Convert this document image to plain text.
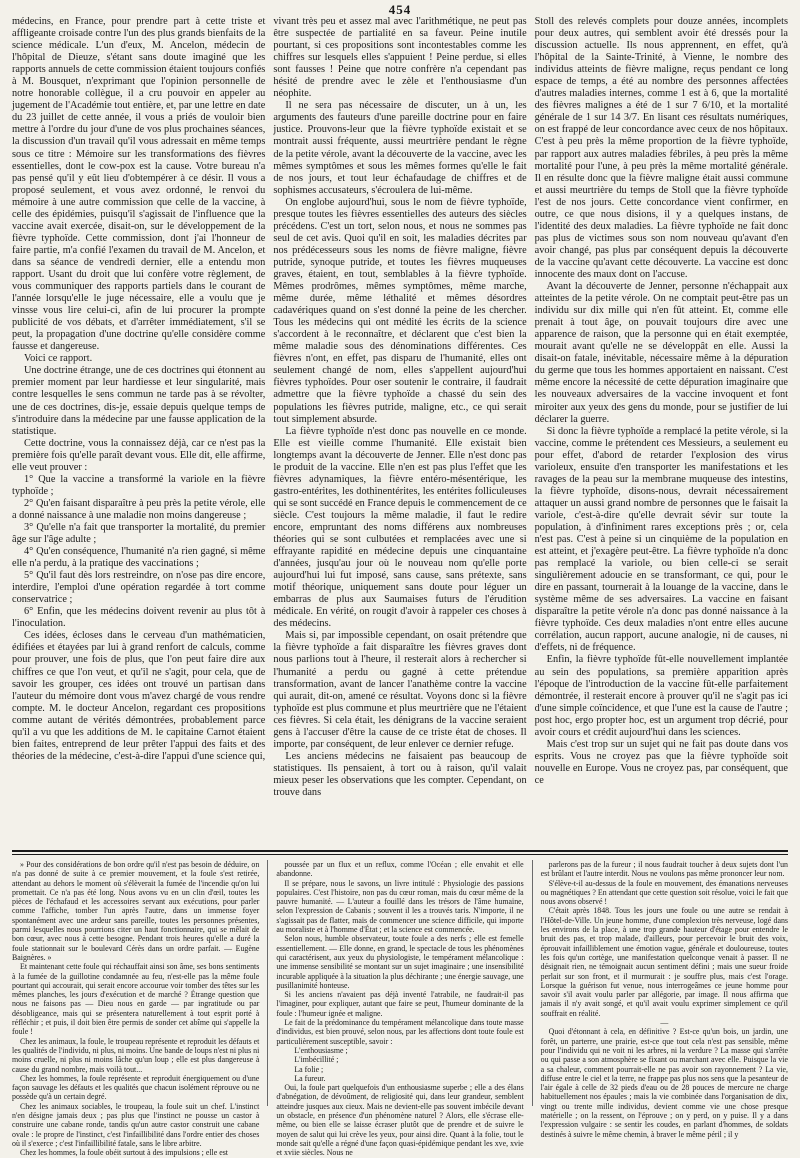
454

médecins, en France, pour prendre part à cette triste et affligeante croisade contre l'un des plus grands bienfaits de la science médicale. L'un d'eux, M. Ancelon, médecin de l'hôpital de Dieuze, s'étant sans doute imaginé que les rapports annuels de cette commission étaient toujours confiés à M. Bousquet, n'exprimant que l'opinion personnelle de notre honorable collègue, il a cru pouvoir en appeler au jugement de l'Académie tout entière, et, par une lettre en date du 23 juillet de cette année, il vous a priés de vouloir bien mettre à l'ordre du jour d'une de vos plus prochaines séances, la discussion d'un travail qu'il vous adressait en même temps sous ce titre : Mémoire sur les transformations des fièvres essentielles, dont le cow-pox est la cause. Votre bureau n'a pas pensé qu'il y eût lieu d'obtempérer à ce désir. Il vous a proposé seulement, et vous avez ordonné, le renvoi du mémoire à une autre commission que celle de la vaccine, à celle des épidémies, puisqu'il s'agissait de l'influence que la vaccine avait exercée, disait-on, sur le développement de la fièvre typhoïde. Cette commission, dont j'ai l'honneur de faire partie, m'a confié l'examen du travail de M. Ancelon, et dans sa séance de vendredi dernier, elle a entendu mon rapport. Usant du droit que lui confère votre règlement, de vous communiquer des rapports partiels dans le courant de l'année lorsqu'elle le juge nécessaire, elle a voulu que je vinsse vous lire celui-ci, afin de lui procurer la prompte publicité de vos débats, et d'arrêter immédiatement, s'il se peut, la propagation d'une doctrine qu'elle considère comme fausse et dangereuse.

Voici ce rapport.

Une doctrine étrange, une de ces doctrines qui étonnent au premier moment par leur hardiesse et leur singularité, mais contre lesquelles le sens commun ne tarde pas à se révolter, une de ces doctrines, dis-je, essaie depuis quelque temps de s'introduire dans la médecine par une fausse application de la statistique.

Cette doctrine, vous la connaissez déjà, car ce n'est pas la première fois qu'elle paraît devant vous. Elle dit, elle affirme, elle veut prouver :

1° Que la vaccine a transformé la variole en la fièvre typhoïde ;

2° Qu'en faisant disparaître à peu près la petite vérole, elle a donné naissance à une maladie non moins dangereuse ;

3° Qu'elle n'a fait que transporter la mortalité, du premier âge sur l'âge adulte ;

4° Qu'en conséquence, l'humanité n'a rien gagné, si même elle n'a perdu, à la pratique des vaccinations ;

5° Qu'il faut dès lors restreindre, on n'ose pas dire encore, interdire, l'emploi d'une opération regardée à tort comme conservatrice ;

6° Enfin, que les médecins doivent revenir au plus tôt à l'inoculation.

Ces idées, écloses dans le cerveau d'un mathématicien, édifiées et étayées par lui à grand renfort de calculs, comme pour prouver, une fois de plus, que l'on peut faire dire aux chiffres ce que l'on veut, et qu'il ne s'agit, pour cela, que de savoir les grouper, ces idées ont trouvé un partisan dans l'auteur du mémoire dont vous m'avez chargé de vous rendre compte. M. le docteur Ancelon, regardant ces propositions comme autant de vérités démontrées, probablement parce qu'il a vu que les additions de M. le capitaine Carnot étaient bien faites, entreprend de leur prêter l'appui des faits et des théories de la médecine, c'est-à-dire l'appui d'une science qui,

vivant très peu et assez mal avec l'arithmétique, ne peut pas être suspectée de partialité en sa faveur. Peine inutile pourtant, si ces propositions sont incontestables comme les chiffres sur lesquels elles s'appuient ! Peine perdue, si elles sont fausses ! Peine que notre confrère n'a cependant pas hésité de prendre avec le zèle et l'enthousiasme d'un néophite.

Il ne sera pas nécessaire de discuter, un à un, les arguments des fauteurs d'une pareille doctrine pour en faire justice. Prouvons-leur que la fièvre typhoïde existait et se montrait aussi fréquente, aussi meurtrière pendant le règne de la petite vérole, avant la découverte de la vaccine, avec les mêmes symptômes et sous les mêmes formes qu'elle le fait de nos jours, et tout leur échafaudage de chiffres et de sophismes accusateurs, s'écroulera de lui-même.

On englobe aujourd'hui, sous le nom de fièvre typhoïde, presque toutes les fièvres essentielles des auteurs des siècles précédens. C'est un tort, selon nous, et nous ne sommes pas seul de cet avis. Quoi qu'il en soit, les maladies décrites par nos prédécesseurs sous les noms de fièvre maligne, fièvre putride, synoque putride, et toutes les fièvres muqueuses graves, étaient, en tout, semblables à la fièvre typhoïde. Mêmes prodrômes, mêmes symptômes, même marche, même durée, même léthalité et mêmes désordres cadavériques quand on s'est donné la peine de les chercher. Tous les médecins qui ont médité les écrits de la science s'accordent à le reconnaître, et déclarent que c'est bien la même maladie sous des dénominations différentes. Ces fièvres n'ont, en effet, pas disparu de l'humanité, elles ont seulement changé de nom, elles s'appellent aujourd'hui fièvres typhoïdes. Pour oser soutenir le contraire, il faudrait admettre que la fièvre typhoïde a chassé du sein des populations les fièvres putride, maligne, etc., ce qui serait tout simplement absurde.

La fièvre typhoïde n'est donc pas nouvelle en ce monde. Elle est vieille comme l'humanité. Elle existait bien longtemps avant la découverte de Jenner. Elle n'est donc pas le produit de la vaccine. Elle n'en est pas plus l'effet que les fièvres adynamiques, la fièvre entéro-mésentérique, les gastro-entérites, les dothinentérites, les entérites folliculeuses qui se sont succédé en France depuis le commencement de ce siècle. C'est toujours la même maladie, il faut le redire encore, empruntant des noms différens aux nombreuses théories qui se sont culbutées et remplacées avec une si effrayante rapidité en médecine depuis une cinquantaine d'années, jusqu'au jour où le nouveau nom qu'elle porte aujourd'hui lui fut imposé, sans cause, sans prétexte, sans motif théorique, uniquement sans doute pour léguer un embarras de plus aux Saumaises futurs de l'érudition médicale. En vérité, on rougit d'avoir à rappeler ces choses à des médecins.

Mais si, par impossible cependant, on osait prétendre que la fièvre typhoïde a fait disparaître les fièvres graves dont nous parlions tout à l'heure, il resterait alors à rechercher si l'humanité a perdu ou gagné à cette prétendue transformation, avant de lancer l'anathème contre la vaccine qui aurait, dit-on, amené ce résultat. Voyons donc si la fièvre typhoïde est plus commune et plus meurtrière que ne l'étaient ces fièvres. Si cela était, les dénigrans de la vaccine seraient gens à l'accuser d'être la cause de ce triste état de choses. Il importe, par conséquent, de leur enlever ce dernier refuge.

Les anciens médecins ne faisaient pas beaucoup de statistiques. Ils pensaient, à tort ou à raison, qu'il valait mieux peser les observations que les compter. Cependant, on trouve dans

Stoll des relevés complets pour douze années, incomplets pour deux autres, qui semblent avoir été dressés pour la discussion actuelle. Ils nous apprennent, en effet, qu'à l'hôpital de la Sainte-Trinité, à Vienne, le nombre des individus atteints de fièvre maligne, reçus pendant ce long espace de temps, a été au nombre des personnes affectées d'autres maladies internes, comme 1 est à 6, que la mortalité des fièvres malignes a été de 1 sur 7 6/10, et la mortalité générale de 1 sur 14 3/7. En lisant ces résultats numériques, on est frappé de leur concordance avec ceux de nos hôpitaux. C'est à peu près la même proportion de la fièvre typhoïde, par rapport aux autres maladies fébriles, à peu près la même mortalité pour l'une, à peu près la même mortalité générale. Il en résulte donc que la fièvre maligne était aussi commune et aussi meurtrière du temps de Stoll que la fièvre typhoïde l'est de nos jours. Cette concordance vient confirmer, en outre, ce que nous disions, il y a quelques instans, de l'identité des deux maladies. La fièvre typhoïde ne fait donc pas plus de victimes sous son nom nouveau qu'avant d'en avoir changé, pas plus par conséquent depuis la découverte de la vaccine qu'avant cette découverte. La vaccine est donc innocente des maux dont on l'accuse.

Avant la découverte de Jenner, personne n'échappait aux atteintes de la petite vérole. On ne comptait peut-être pas un individu sur dix mille qui n'en fût atteint. Et, comme elle prenait à tout âge, on pouvait toujours dire avec une apparence de raison, que la personne qui en était exemptée, mourait avant qu'elle ne se développât en elle. Aussi la disait-on fatale, inévitable, nécessaire même à la dépuration du germe que tous les hommes apportaient en naissant. C'est même encore la nécessité de cette dépuration imaginaire que les nouveaux adversaires de la vaccine invoquent et font miroiter aux yeux des gens du monde, pour se justifier de lui déclarer la guerre.

Si donc la fièvre typhoïde a remplacé la petite vérole, si la vaccine, comme le prétendent ces Messieurs, a seulement eu pour effet, d'abord de retarder l'explosion des virus varioleux, ensuite d'en transporter les manifestations et les ravages de la peau sur la membrane muqueuse des intestins, la fièvre typhoïde, disons-nous, devrait nécessairement attaquer un aussi grand nombre de personnes que le faisait la variole, c'est-à-dire qu'elle devrait sévir sur toute la population, à d'infiniment rares exceptions près ; or, cela n'est pas. C'est à peine si un cinquième de la population en est atteint, et j'exagère peut-être. La fièvre typhoïde n'a donc pas remplacé la variole, ou bien celle-ci se serait singulièrement adoucie en se transformant, ce qui, pour le dire en passant, tournerait à la louange de la vaccine, dans le système même de ses adversaires. La vaccine en faisant disparaître la petite vérole n'a donc pas donné naissance à la fièvre typhoïde. Ces deux maladies n'ont entre elles aucune corrélation, aucun rapport, aucune analogie, ni de causes, ni d'effets, ni de fréquence.

Enfin, la fièvre typhoïde fût-elle nouvellement implantée au sein des populations, sa première apparition après l'époque de l'introduction de la vaccine fût-elle parfaitement démontrée, il resterait encore à prouver qu'il ne s'agit pas ici d'une simple coïncidence, et que l'une est la cause de l'autre ; post hoc, ergo propter hoc, est un argument trop décrié, pour avoir cours et crédit aujourd'hui dans les sciences.

Mais c'est trop sur un sujet qui ne fait pas doute dans vos esprits. Vous ne croyez pas que la fièvre typhoïde soit nouvelle en Europe. Vous ne croyez pas, par conséquent, que ce

» Pour des considérations de bon ordre qu'il n'est pas besoin de déduire, on n'a pas donné de suite à ce premier mouvement, et la foule s'est retirée, attendant au dehors le moment où s'élèverait la fumée de l'incendie qu'on lui promettait. Ce n'a pas été long. Nous avons vu en un clin d'œil, toutes les pièces de l'échafaud et les accessoires servant aux exécutions, pour parler comme l'affiche, tomber l'un après l'autre, dans un immense foyer spontanément avec une ardeur sans pareille, toutes les personnes présentes, parmi lesquelles nous pourrions citer un haut fonctionnaire, qui se mêlait de bon cœur, avec nous à cette besogne. Pendant trois heures qu'elle a duré la foule stationnait sur le boulevard Cérès dans un ordre parfait. — Eugène Baignères. »

Et maintenant cette foule qui réchauffait ainsi son âme, ses bons sentiments à la fumée de la guillotine condamnée au feu, n'est-elle pas la même foule pourtant qui accourait, qui serait encore accourue voir tomber des têtes sur les mêmes planches, les jours d'exécution et de marché ? Étrange question que nous ne faisons pas — Dieu nous en garde — par ingratitude ou par désobligeance, mais qui se présentera naturellement à tout esprit porté à réfléchir ; et puis, il doit bien être permis de sonder cet abîme qui s'appelle la foule !

Chez les animaux, la foule, le troupeau représente et reproduit les défauts et les qualités de l'individu, ni plus, ni moins. Une bande de loups n'est ni plus ni moins cruelle, ni plus ni moins lâche qu'un loup ; elle est plus dangereuse à cause du grand nombre, mais voilà tout...

Chez les hommes, la foule représente et reproduit énergiquement ou d'une façon sauvage les défauts et les qualités que chacun isolément réprouve ou ne possède qu'à un certain degré.

Chez les animaux sociables, le troupeau, la foule suit un chef. L'instinct n'en désigne jamais deux ; pas plus que l'instinct ne pousse un castor à construire une cabane ronde, tandis qu'un autre castor construit une cabane ovale : le propre de l'instinct, c'est l'infaillibilité dans l'ordre entier des choses où il s'exerce ; c'est l'infaillibilité fatale, sans le libre arbitre.

Chez les hommes, la foule obéit surtout à des impulsions ; elle est

poussée par un flux et un reflux, comme l'Océan ; elle envahit et elle abandonne.

Il se prépare, nous le savons, un livre intitulé : Physiologie des passions populaires. C'est l'histoire, non pas du cœur roman, mais du cœur même de la pauvre humanité. — L'auteur a fouillé dans les trésors de l'âme humaine, selon l'expression de Cabanis ; souvent il les a trouvés taris. N'importe, il ne s'agissait pas de flatter, mais de commencer une science difficile, qui importe au moraliste et à l'homme d'État ; et la science est commencée.

Selon nous, humble observateur, toute foule a des nerfs ; elle est femelle essentiellement. — Elle donne, en grand, le spectacle de tous les phénomènes qui caractérisent, aux yeux du physiologiste, le tempérament mélancolique : une immense sensibilité se montant sur un sujet imaginaire ; une insensibilité incurable appliquée à la situation la plus déchirante ; une énergie sauvage, une pusillanimité honteuse.

Si les anciens n'avaient pas déjà inventé l'atrabile, ne faudrait-il pas l'imaginer, pour expliquer, autant que faire se peut, l'humeur dominante de la foule : l'humeur ignée et maligne.

Le fait de la prédominance du tempérament mélancolique dans toute masse d'individus, est bien prouvé, selon nous, par les affections dont toute foule est particulièrement susceptible, savoir :

L'enthousiasme ;

L'imbécillité ;

La folie ;

La fureur.

Oui, la foule part quelquefois d'un enthousiasme superbe ; elle a des élans d'abnégation, de dévoûment, de religiosité qui, dans leur grandeur, semblent atteindre jusques aux cieux. Mais ne devient-elle pas souvent imbécile devant un obstacle, en présence d'un phénomène naturel ? Alors, elle s'écrase elle-même, ou bien elle se laisse écraser plutôt que de prendre et de suivre le moyen de salut qui lui crève les yeux, pour ainsi dire. Quant à la folie, tout le monde sait qu'elle a régné d'une façon quasi-épidémique pendant les xve, xvie et xviie siècles. Nous ne

parlerons pas de la fureur ; il nous faudrait toucher à deux sujets dont l'un est brûlant et l'autre interdit. Nous ne voulons pas même prononcer leur nom.

S'élève-t-il au-dessus de la foule en mouvement, des émanations nerveuses ou magnétiques ? En attendant que cette question soit résolue, voici le fait que nous avons observé !

C'était après 1848. Tous les jours une foule ou une autre se rendait à l'Hôtel-de-Ville. Un jeune homme, d'une complexion très nerveuse, logé dans les environs de la place, à une trop grande hauteur d'étage pour entendre le bruit des pas, et trop malade, d'ailleurs, pour percevoir le bruit des voix, éprouvait infailliblement une émotion vague, générale et douloureuse, toutes les fois qu'un cortège, une manifestation quelconque venait à passer. Il ne désignait rien, ne témoignait aucun sentiment défini ; mais une sueur froide perlait sur son front, et il murmurait : je souffre plus, mais c'est l'orage. Lorsque la guérison fut venue, nous interrogeâmes ce jeune homme pour savoir s'il avait voulu parler par allégorie, par image. Il nous affirma que jamais il n'y avait songé, et qu'il avait voulu exprimer simplement ce qu'il souffrait en réalité.

—

Quoi d'étonnant à cela, en définitive ? Est-ce qu'un bois, un jardin, une forêt, un parterre, une prairie, est-ce que tout cela n'est pas sensible, même pour l'individu qui ne voit ni les arbres, ni la verdure ? La masse qui s'arrête ou qui passe a son atmosphère se fixant ou marchant avec elle. Puisque la vie a sa chaleur, comment pourrait-elle ne pas avoir son rayonnement ? La vie, diffuse entre le ciel et la terre, ne frappe pas plus nos sens que la pesanteur de l'air égale à celle de 32 pieds d'eau ou de 28 pouces de mercure ne charge habituellement nos épaules ; mais la vie combinée dans l'organisation de dix, vingt ou trente mille individus, devient comme vie une chose presque matérielle ; on la ressent, on l'éprouve ; on y perd, on y puise. Il y a dans l'expression vulgaire : se sentir les coudes, en parlant d'hommes, de soldats destinés à suivre le même chemin, à braver le même péril ; il y
